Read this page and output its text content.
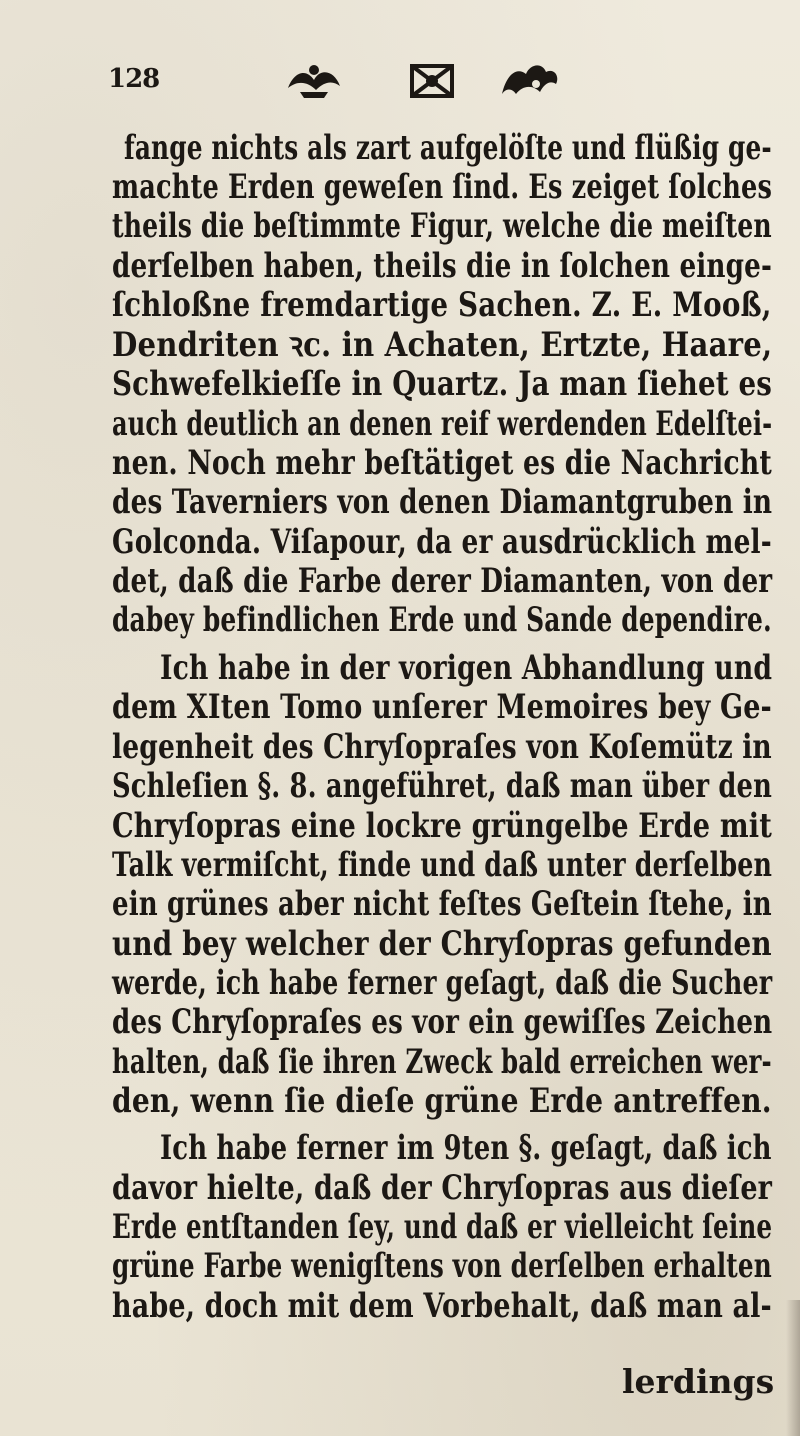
128
fange nichts als zart aufgelöſte und flüßig ge-
machte Erden geweſen ſind. Es zeiget ſolches
theils die beſtimmte Figur, welche die meiſten
derſelben haben, theils die in ſolchen einge-
ſchloßne fremdartige Sachen. Z. E. Mooß,
Dendriten ꝛc. in Achaten, Ertzte, Haare,
Schwefelkieſſe in Quartz. Ja man ſiehet es
auch deutlich an denen reif werdenden Edelſtei-
nen. Noch mehr beſtätiget es die Nachricht
des Taverniers von denen Diamantgruben in
Golconda. Viſapour, da er ausdrücklich mel-
det, daß die Farbe derer Diamanten, von der
dabey befindlichen Erde und Sande dependire.
Ich habe in der vorigen Abhandlung und
dem XIten Tomo unſerer Memoires bey Ge-
legenheit des Chryſopraſes von Koſemütz in
Schleſien §. 8. angeführet, daß man über den
Chryſopras eine lockre grüngelbe Erde mit
Talk vermiſcht, finde und daß unter derſelben
ein grünes aber nicht feſtes Geſtein ſtehe, in
und bey welcher der Chryſopras gefunden
werde, ich habe ferner geſagt, daß die Sucher
des Chryſopraſes es vor ein gewiſſes Zeichen
halten, daß ſie ihren Zweck bald erreichen wer-
den, wenn ſie dieſe grüne Erde antreffen.
Ich habe ferner im 9ten §. geſagt, daß ich
davor hielte, daß der Chryſopras aus dieſer
Erde entſtanden ſey, und daß er vielleicht ſeine
grüne Farbe wenigſtens von derſelben erhalten
habe, doch mit dem Vorbehalt, daß man al-
lerdings
